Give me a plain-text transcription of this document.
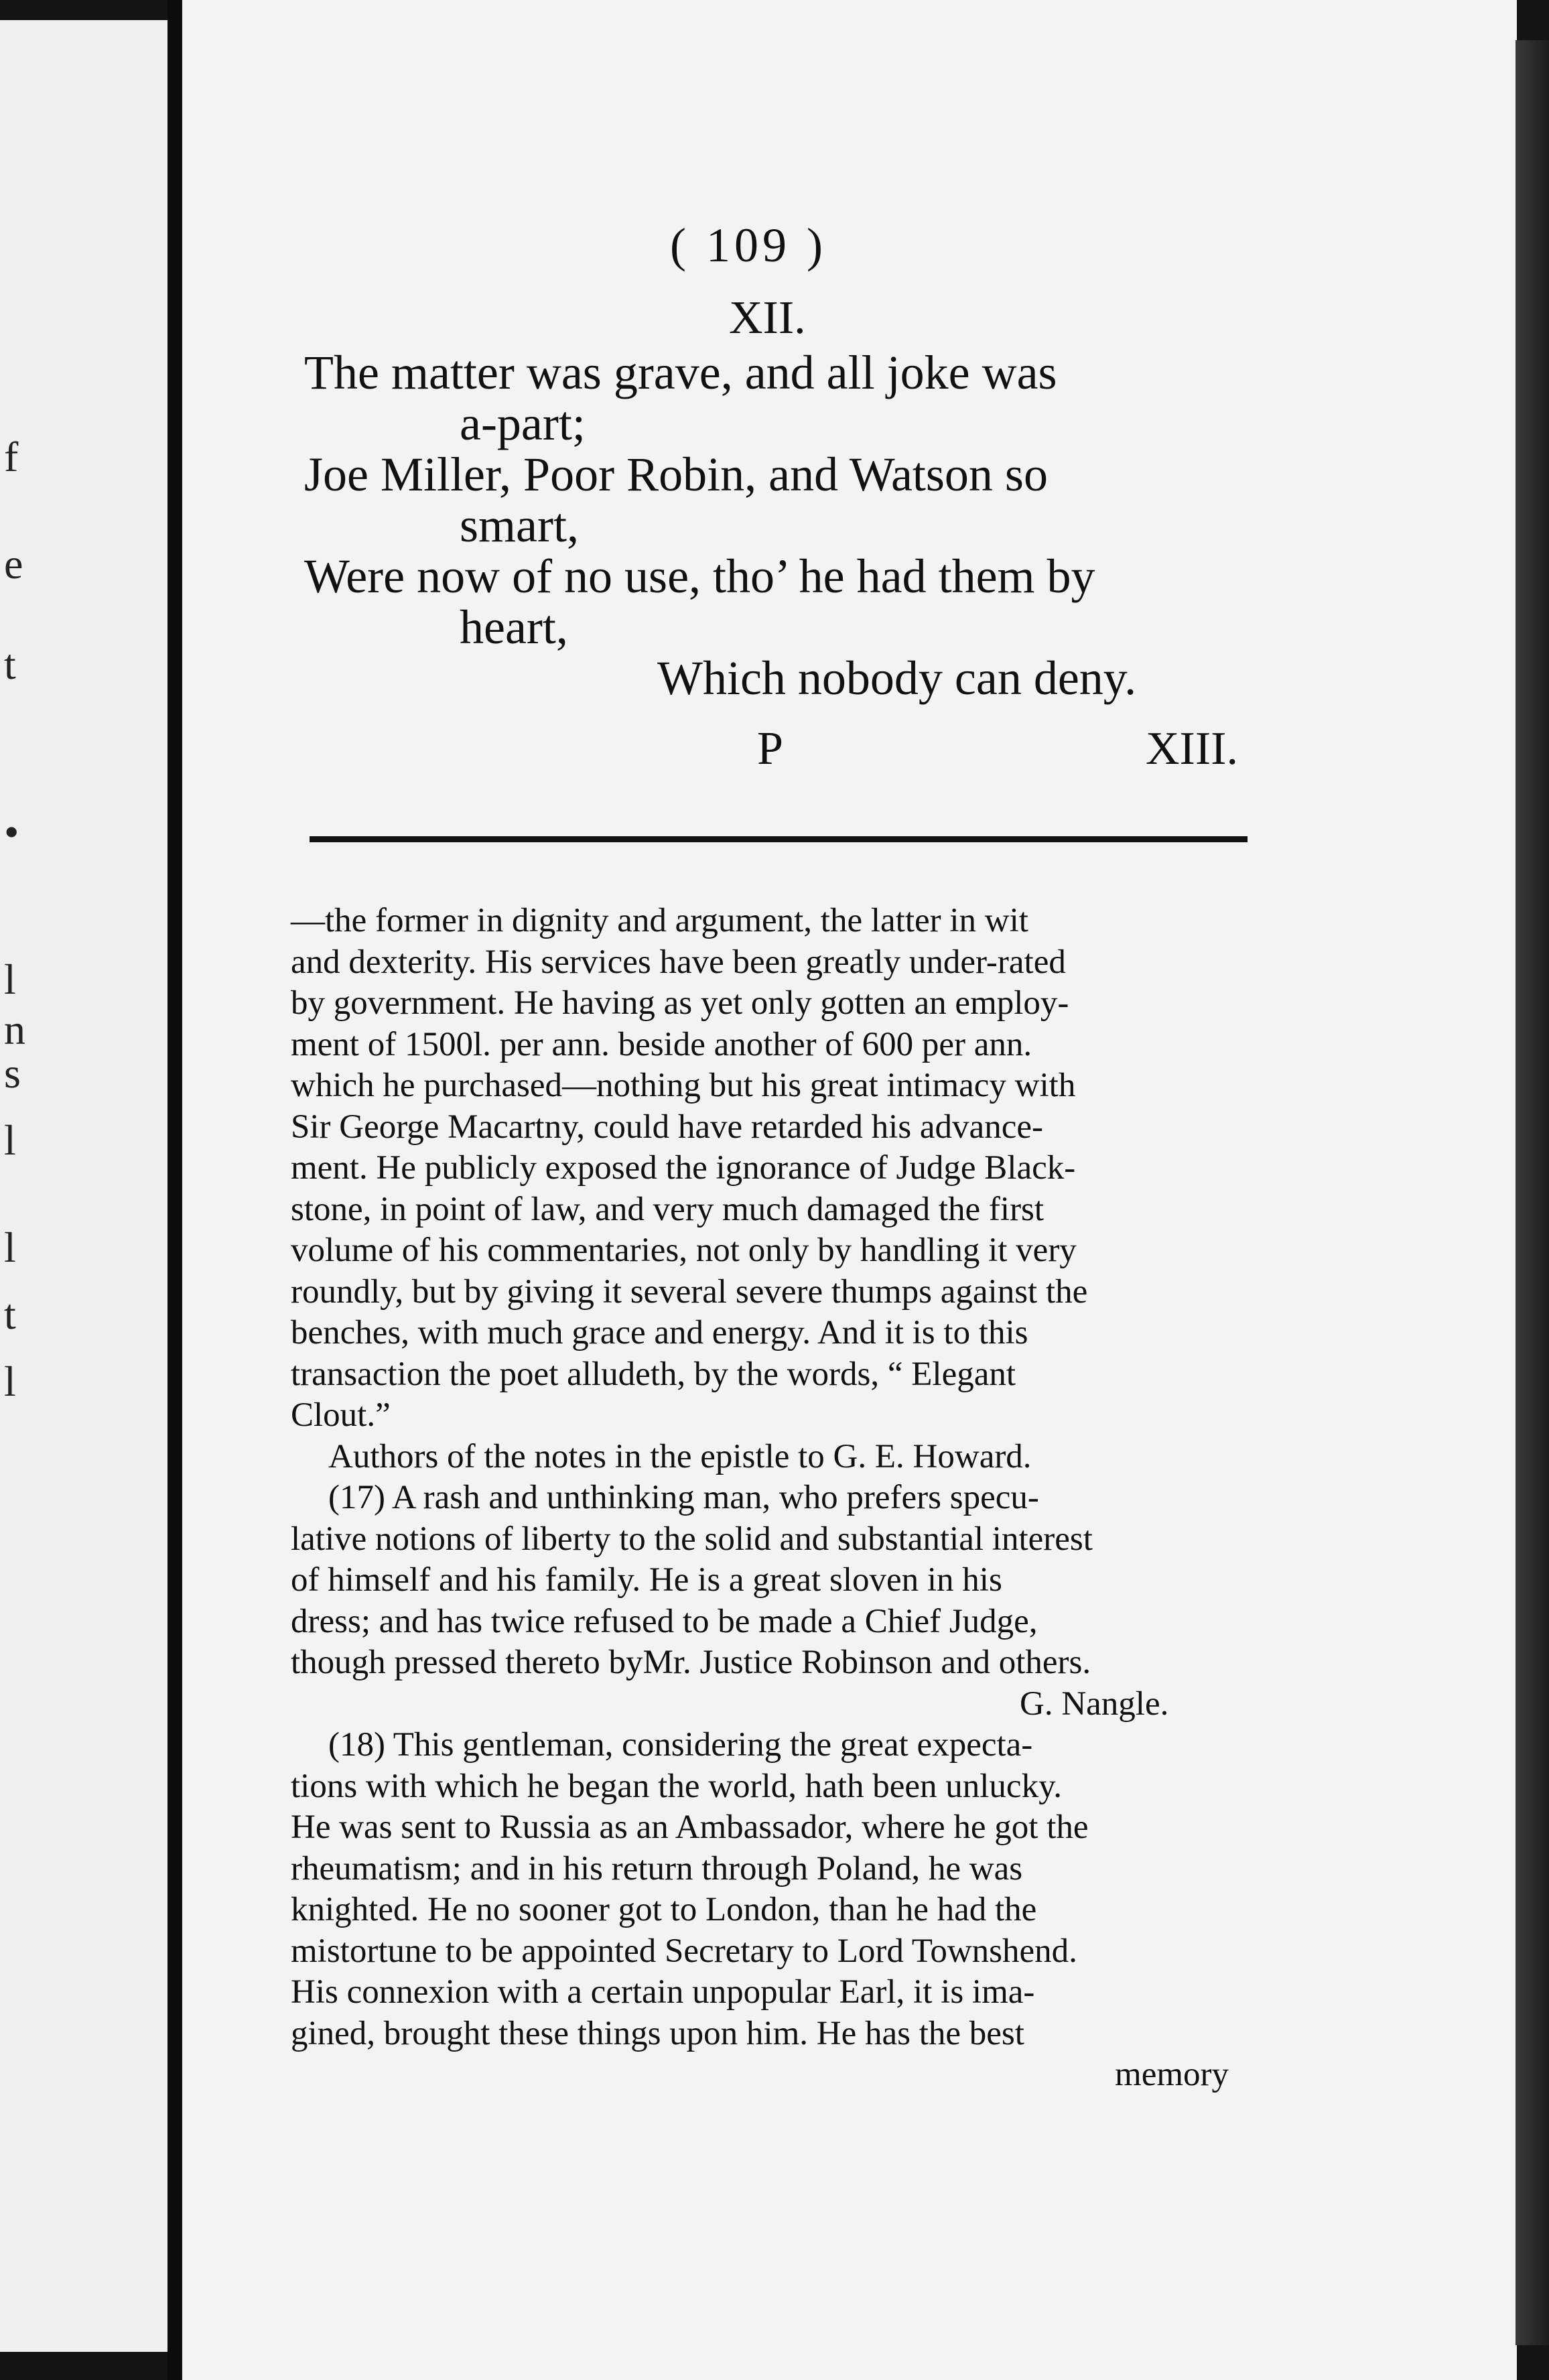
f
e
t
•
l
n
s
l
l
t
l
( 109 )
XII.
The matter was grave, and all joke was
a-part;
Joe Miller, Poor Robin, and Watson so
smart,
Were now of no use, tho’ he had them by
heart,
Which nobody can deny.
P	XIII.
—the former in dignity and argument, the latter in wit
and dexterity. His services have been greatly under-rated
by government. He having as yet only gotten an employ-
ment of 1500l. per ann. beside another of 600 per ann.
which he purchased—nothing but his great intimacy with
Sir George Macartny, could have retarded his advance-
ment. He publicly exposed the ignorance of Judge Black-
stone, in point of law, and very much damaged the first
volume of his commentaries, not only by handling it very
roundly, but by giving it several severe thumps against the
benches, with much grace and energy. And it is to this
transaction the poet alludeth, by the words, “ Elegant
Clout.”
Authors of the notes in the epistle to G. E. Howard.
(17) A rash and unthinking man, who prefers specu-
lative notions of liberty to the solid and substantial interest
of himself and his family. He is a great sloven in his
dress; and has twice refused to be made a Chief Judge,
though pressed thereto byMr. Justice Robinson and others.
G. Nangle.
(18) This gentleman, considering the great expecta-
tions with which he began the world, hath been unlucky.
He was sent to Russia as an Ambassador, where he got the
rheumatism; and in his return through Poland, he was
knighted. He no sooner got to London, than he had the
mistortune to be appointed Secretary to Lord Townshend.
His connexion with a certain unpopular Earl, it is ima-
gined, brought these things upon him. He has the best
memory
